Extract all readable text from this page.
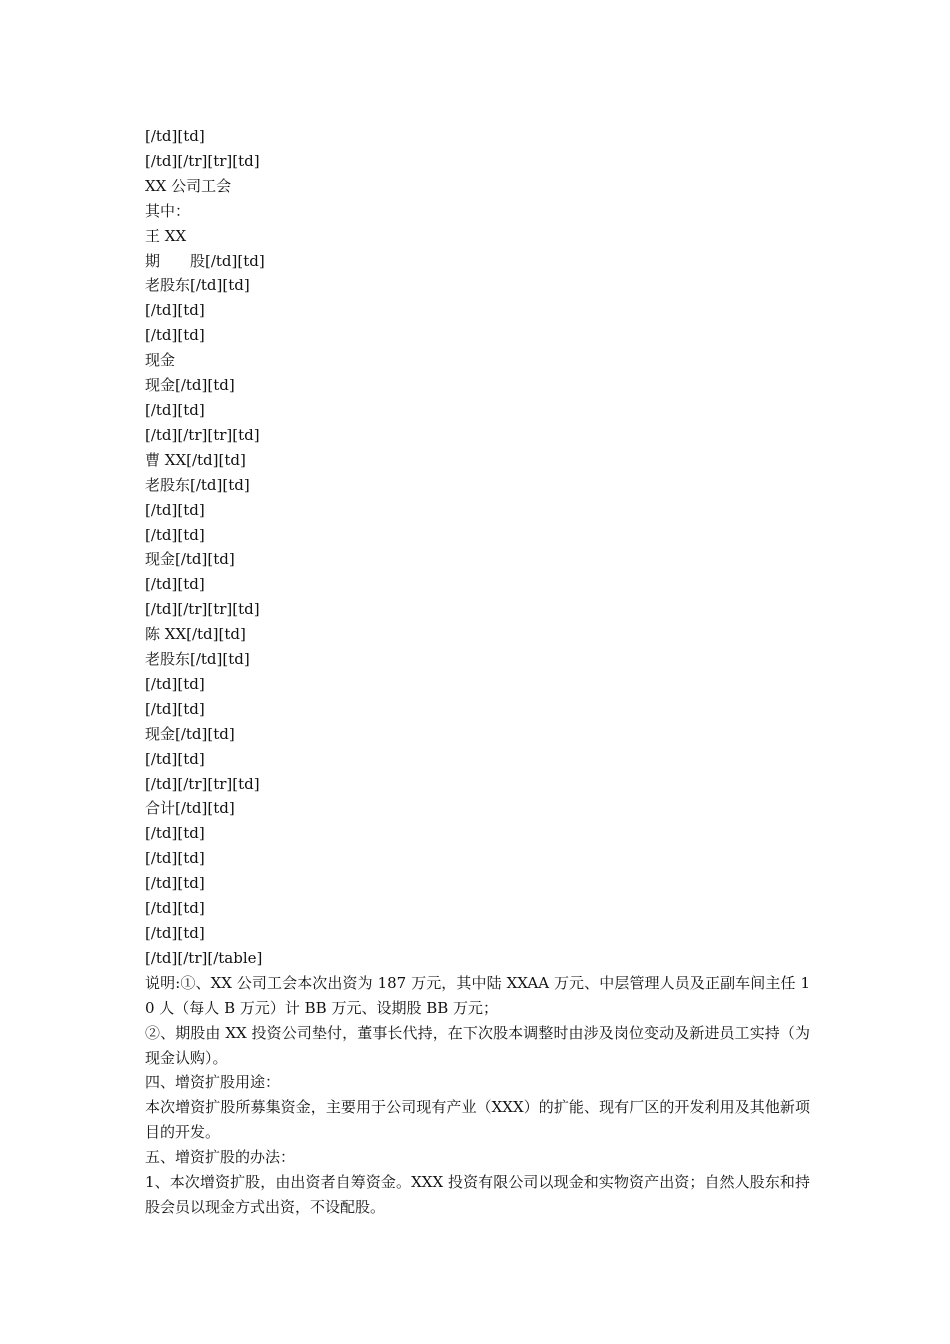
[/td][td]
[/td][/tr][tr][td]
XX 公司工会
其中：
王 XX
期　　股[/td][td]
老股东[/td][td]
[/td][td]
[/td][td]
现金
现金[/td][td]
[/td][td]
[/td][/tr][tr][td]
曹 XX[/td][td]
老股东[/td][td]
[/td][td]
[/td][td]
现金[/td][td]
[/td][td]
[/td][/tr][tr][td]
陈 XX[/td][td]
老股东[/td][td]
[/td][td]
[/td][td]
现金[/td][td]
[/td][td]
[/td][/tr][tr][td]
合计[/td][td]
[/td][td]
[/td][td]
[/td][td]
[/td][td]
[/td][td]
[/td][/tr][/table]

说明:①、XX 公司工会本次出资为 187 万元，其中陆 XXAA 万元、中层管理人员及正副车间主任 10 人（每人 B 万元）计 BB 万元、设期股 BB 万元；

②、期股由 XX 投资公司垫付，董事长代持，在下次股本调整时由涉及岗位变动及新进员工实持（为现金认购）。

四、增资扩股用途：

本次增资扩股所募集资金，主要用于公司现有产业（XXX）的扩能、现有厂区的开发利用及其他新项目的开发。

五、增资扩股的办法：

1、本次增资扩股，由出资者自筹资金。XXX 投资有限公司以现金和实物资产出资；自然人股东和持股会员以现金方式出资，不设配股。
